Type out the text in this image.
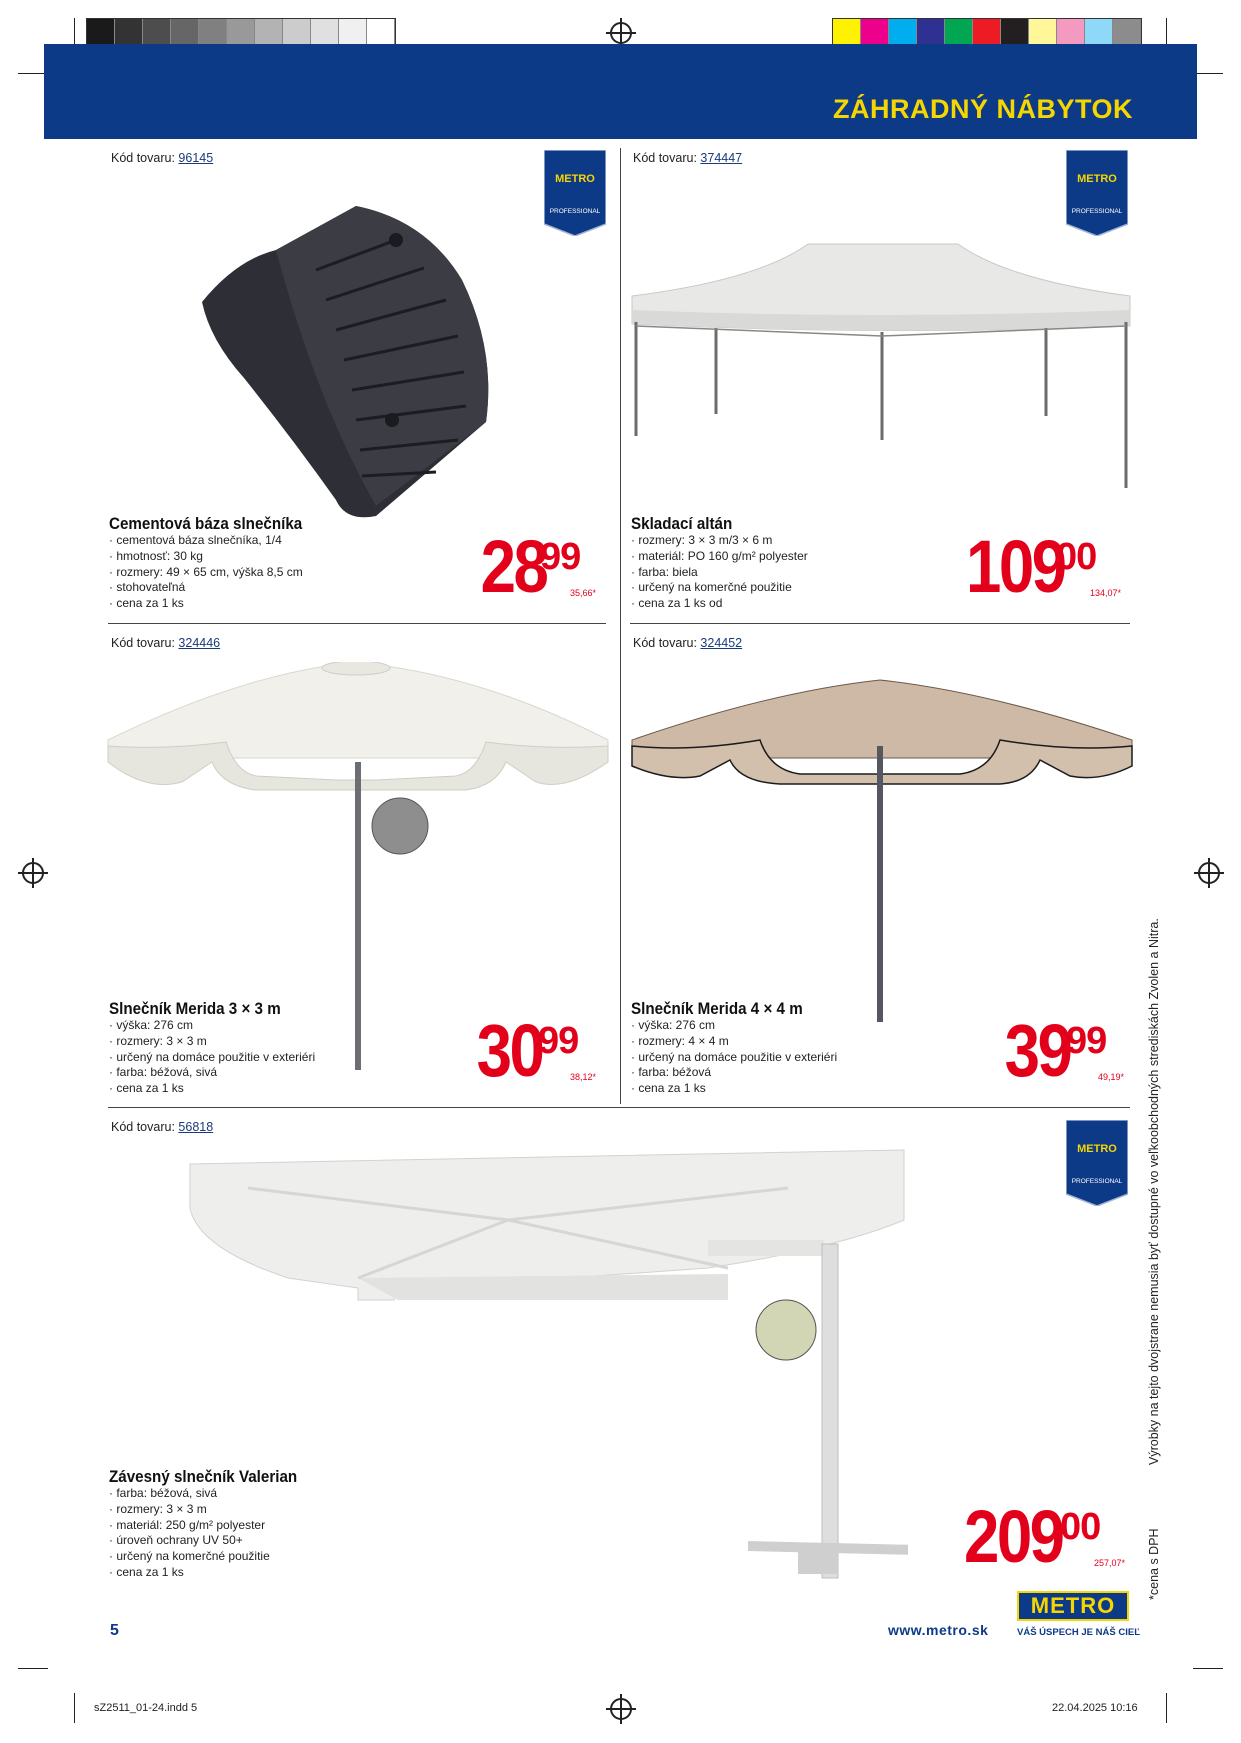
ZÁHRADNÝ NÁBYTOK
Kód tovaru: 96145
METRO
PROFESSIONAL
Cementová báza slnečníka
· cementová báza slnečníka, 1/4
· hmotnosť: 30 kg
· rozmery: 49 × 65 cm, výška 8,5 cm
· stohovateľná
· cena za 1 ks	28
99
35,66*
Kód tovaru: 374447
METRO
PROFESSIONAL
Skladací altán
· rozmery: 3 × 3 m/3 × 6 m
· materiál: PO 160 g/m² polyester
· farba: biela
· určený na komerčné použitie
· cena za 1 ks od	109
00
134,07*
Kód tovaru: 324446
Slnečník Merida 3 × 3 m
· výška: 276 cm
· rozmery: 3 × 3 m
· určený na domáce použitie v exteriéri
· farba: béžová, sivá
· cena za 1 ks	30
99
38,12*
Kód tovaru: 324452
Slnečník Merida 4 × 4 m
· výška: 276 cm
· rozmery: 4 × 4 m
· určený na domáce použitie v exteriéri
· farba: béžová
· cena za 1 ks	39
99
49,19*
Kód tovaru: 56818
METRO
PROFESSIONAL
Závesný slnečník Valerian
· farba: béžová, sivá
· rozmery: 3 × 3 m
· materiál: 250 g/m² polyester
· úroveň ochrany UV 50+
· určený na komerčné použitie
· cena za 1 ks	209
00
257,07*
Výrobky na tejto dvojstrane nemusia byť dostupné vo veľkoobchodných strediskách Zvolen a Nitra.
*cena s DPH
5	www.metro.sk
METRO
VÁŠ ÚSPECH JE NÁŠ CIEĽ
sZ2511_01-24.indd 5	22.04.2025 10:16
